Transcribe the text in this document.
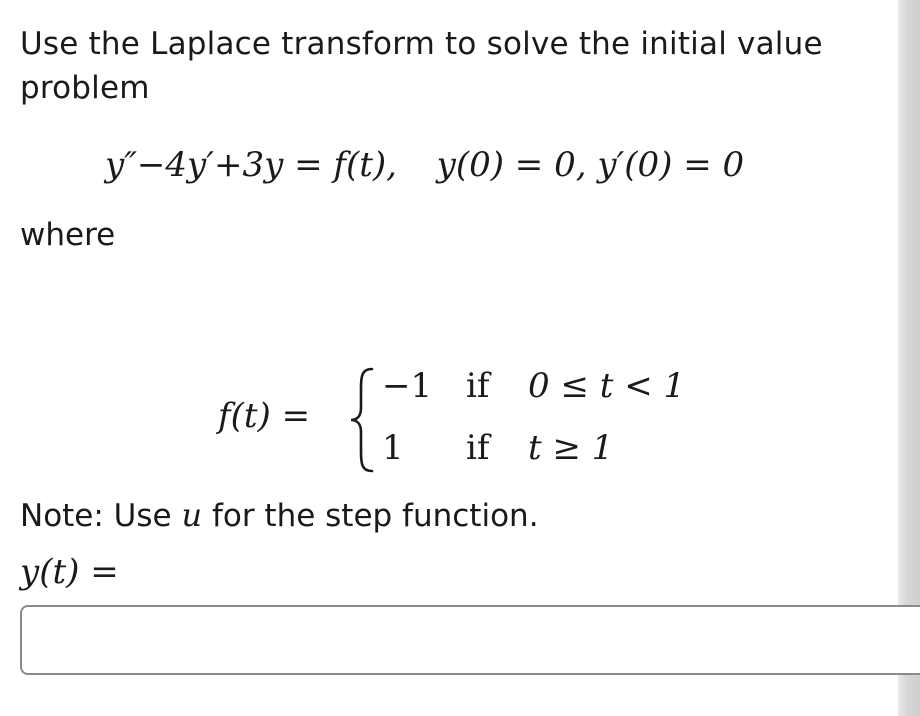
Use the Laplace transform to solve the initial value problem
y″−4y′+3y = f(t), y(0) = 0, y′(0) = 0
where
f(t) =
−1 if 0 ≤ t < 1
1 if t ≥ 1
Note: Use u for the step function.
y(t) =
